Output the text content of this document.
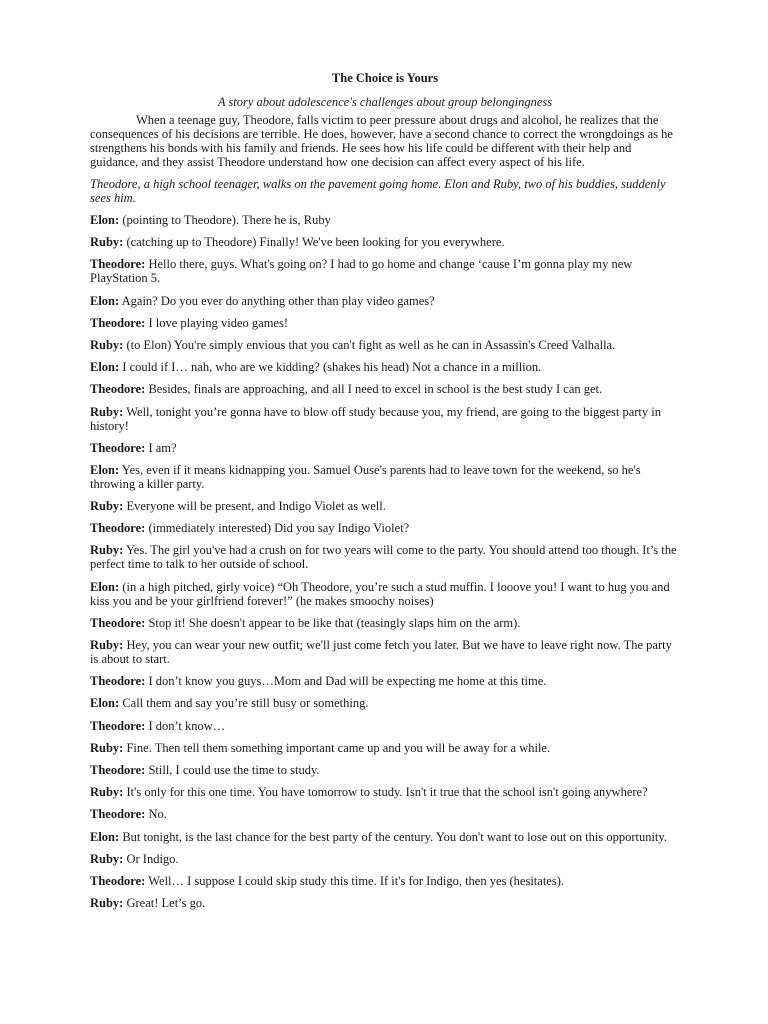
The Choice is Yours
A story about adolescence's challenges about group belongingness

When a teenage guy, Theodore, falls victim to peer pressure about drugs and alcohol, he realizes that the consequences of his decisions are terrible. He does, however, have a second chance to correct the wrongdoings as he strengthens his bonds with his family and friends. He sees how his life could be different with their help and guidance, and they assist Theodore understand how one decision can affect every aspect of his life.

Theodore, a high school teenager, walks on the pavement going home. Elon and Ruby, two of his buddies, suddenly sees him.

Elon: (pointing to Theodore). There he is, Ruby

Ruby: (catching up to Theodore) Finally! We've been looking for you everywhere.

Theodore: Hello there, guys. What's going on? I had to go home and change ‘cause I’m gonna play my new PlayStation 5.

Elon: Again? Do you ever do anything other than play video games?

Theodore: I love playing video games!

Ruby: (to Elon) You're simply envious that you can't fight as well as he can in Assassin's Creed Valhalla.

Elon: I could if I… nah, who are we kidding? (shakes his head) Not a chance in a million.

Theodore: Besides, finals are approaching, and all I need to excel in school is the best study I can get.

Ruby: Well, tonight you’re gonna have to blow off study because you, my friend, are going to the biggest party in history!

Theodore: I am?

Elon: Yes, even if it means kidnapping you. Samuel Ouse's parents had to leave town for the weekend, so he's throwing a killer party.

Ruby: Everyone will be present, and Indigo Violet as well.

Theodore: (immediately interested) Did you say Indigo Violet?

Ruby: Yes. The girl you've had a crush on for two years will come to the party. You should attend too though. It’s the perfect time to talk to her outside of school.

Elon: (in a high pitched, girly voice) “Oh Theodore, you’re such a stud muffin. I looove you! I want to hug you and kiss you and be your girlfriend forever!” (he makes smoochy noises)

Theodore: Stop it! She doesn't appear to be like that (teasingly slaps him on the arm).

Ruby: Hey, you can wear your new outfit; we'll just come fetch you later. But we have to leave right now. The party is about to start.

Theodore: I don’t know you guys…Mom and Dad will be expecting me home at this time.

Elon: Call them and say you’re still busy or something.

Theodore: I don’t know…

Ruby: Fine. Then tell them something important came up and you will be away for a while.

Theodore: Still, I could use the time to study.

Ruby: It's only for this one time. You have tomorrow to study. Isn't it true that the school isn't going anywhere?

Theodore: No.

Elon: But tonight, is the last chance for the best party of the century. You don't want to lose out on this opportunity.

Ruby: Or Indigo.

Theodore: Well… I suppose I could skip study this time. If it's for Indigo, then yes (hesitates).

Ruby: Great! Let’s go.
